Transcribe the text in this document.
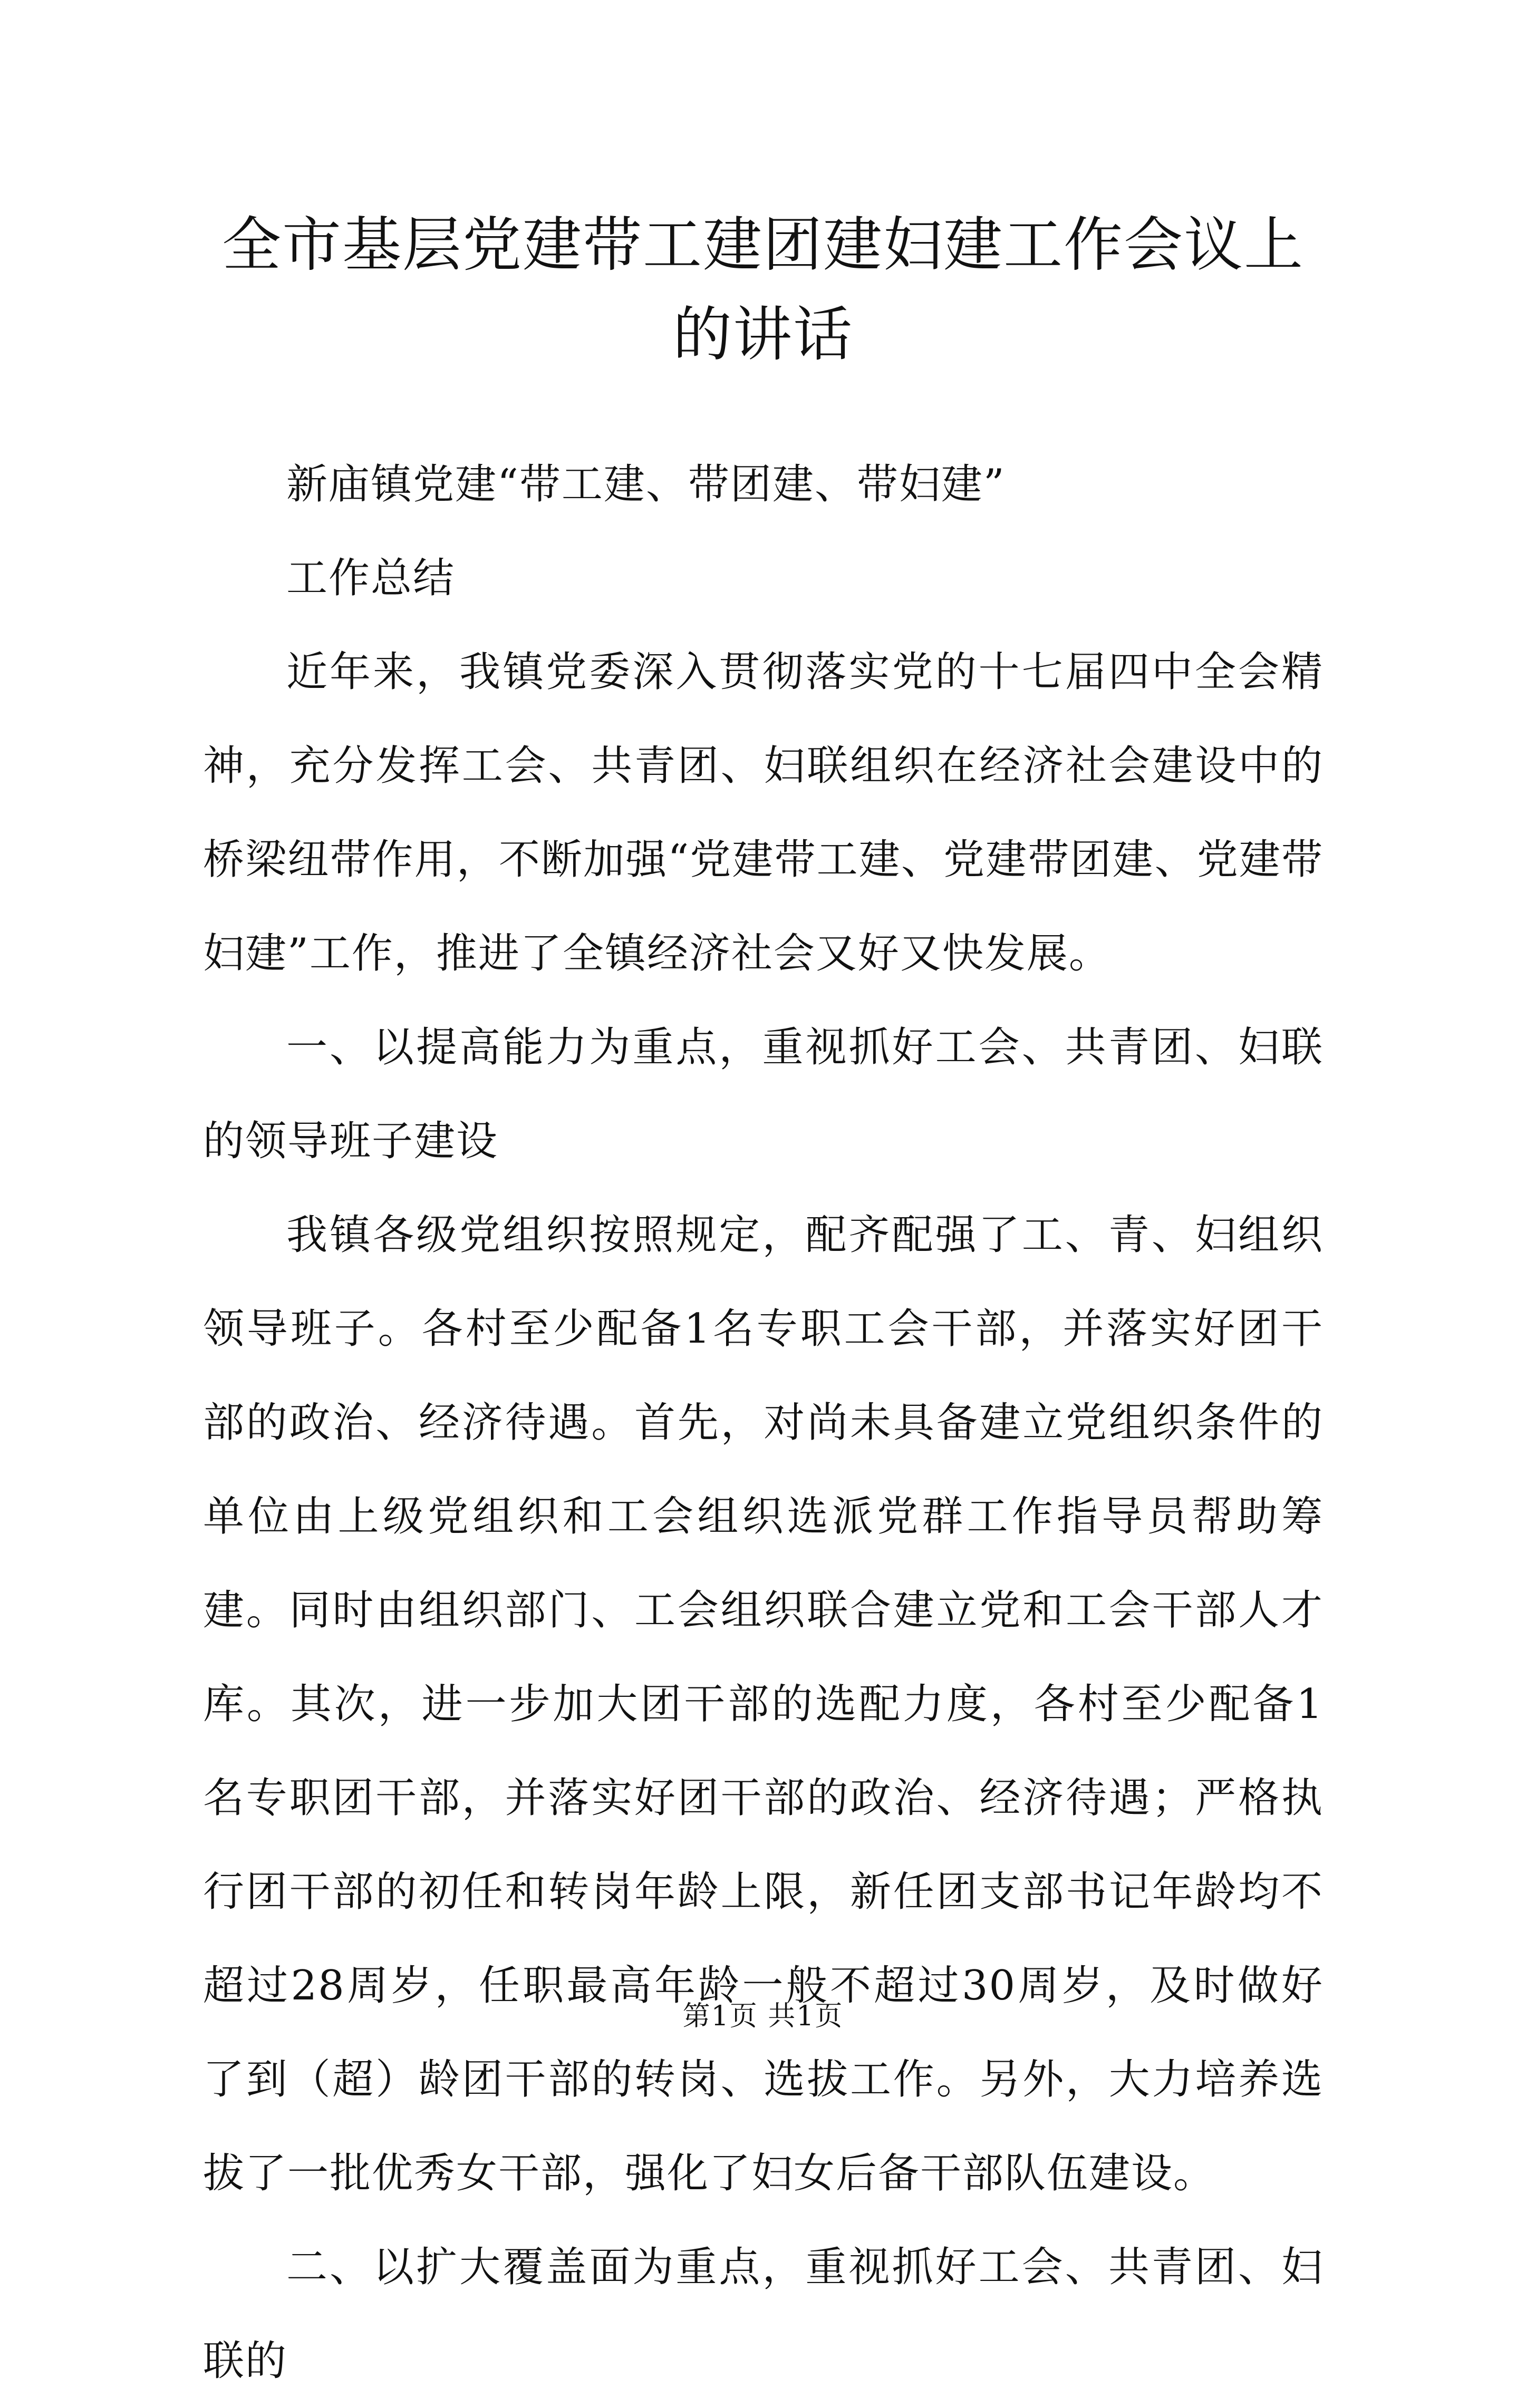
全市基层党建带工建团建妇建工作会议上的讲话

新庙镇党建“带工建、带团建、带妇建”

工作总结

近年来，我镇党委深入贯彻落实党的十七届四中全会精神，充分发挥工会、共青团、妇联组织在经济社会建设中的桥梁纽带作用，不断加强“党建带工建、党建带团建、党建带妇建”工作，推进了全镇经济社会又好又快发展。

一、以提高能力为重点，重视抓好工会、共青团、妇联的领导班子建设

我镇各级党组织按照规定，配齐配强了工、青、妇组织领导班子。各村至少配备1名专职工会干部，并落实好团干部的政治、经济待遇。首先，对尚未具备建立党组织条件的单位由上级党组织和工会组织选派党群工作指导员帮助筹建。同时由组织部门、工会组织联合建立党和工会干部人才库。其次，进一步加大团干部的选配力度，各村至少配备1名专职团干部，并落实好团干部的政治、经济待遇；严格执行团干部的初任和转岗年龄上限，新任团支部书记年龄均不超过28周岁，任职最高年龄一般不超过30周岁，及时做好了到（超）龄团干部的转岗、选拔工作。另外，大力培养选拔了一批优秀女干部，强化了妇女后备干部队伍建设。

二、以扩大覆盖面为重点，重视抓好工会、共青团、妇联的

第1页 共1页
